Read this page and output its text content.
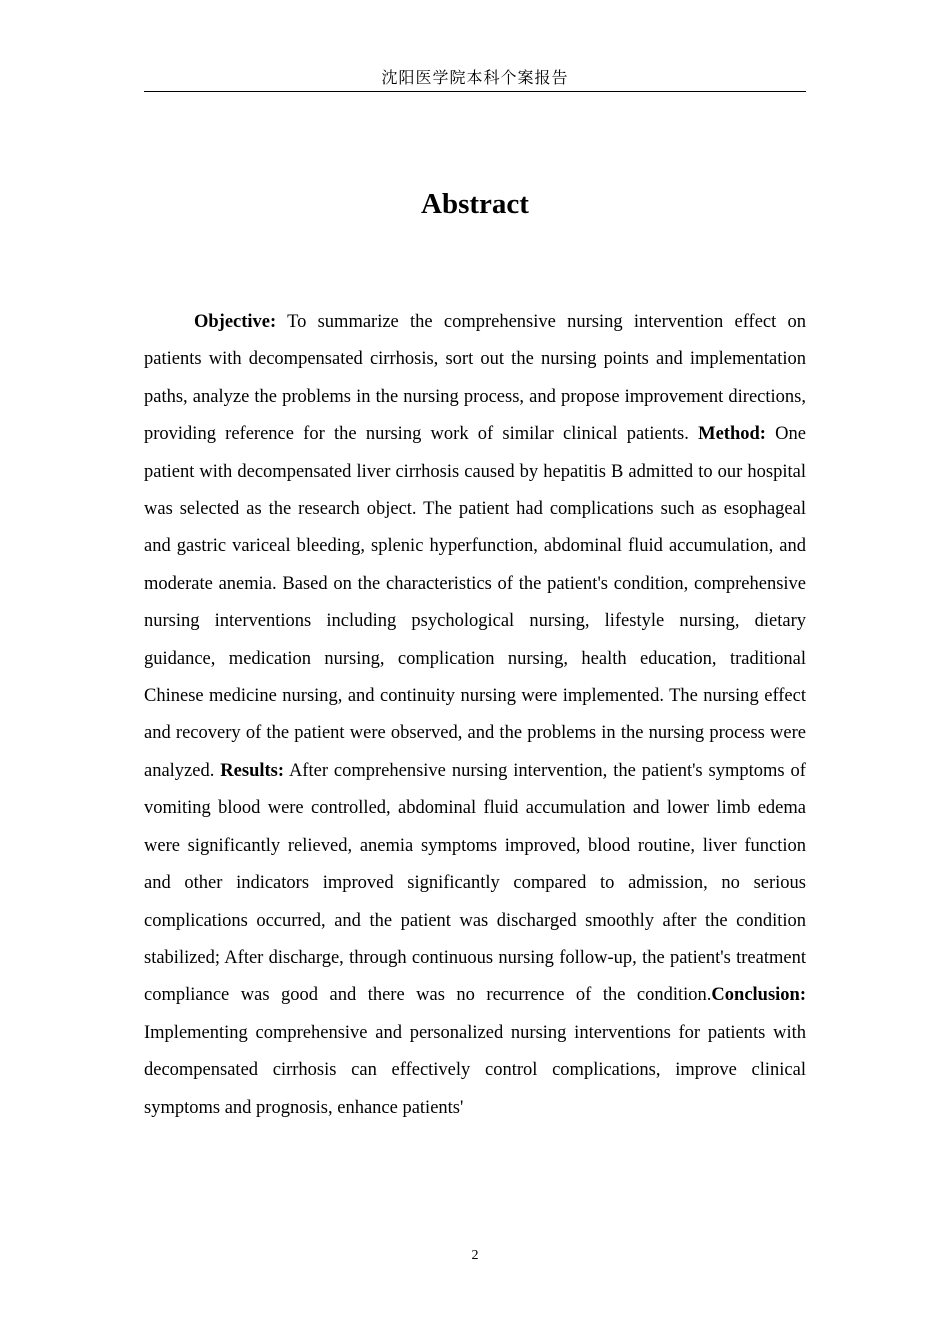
沈阳医学院本科个案报告
Abstract

Objective: To summarize the comprehensive nursing intervention effect on patients with decompensated cirrhosis, sort out the nursing points and implementation paths, analyze the problems in the nursing process, and propose improvement directions, providing reference for the nursing work of similar clinical patients. Method: One patient with decompensated liver cirrhosis caused by hepatitis B admitted to our hospital was selected as the research object. The patient had complications such as esophageal and gastric variceal bleeding, splenic hyperfunction, abdominal fluid accumulation, and moderate anemia. Based on the characteristics of the patient's condition, comprehensive nursing interventions including psychological nursing, lifestyle nursing, dietary guidance, medication nursing, complication nursing, health education, traditional Chinese medicine nursing, and continuity nursing were implemented. The nursing effect and recovery of the patient were observed, and the problems in the nursing process were analyzed. Results: After comprehensive nursing intervention, the patient's symptoms of vomiting blood were controlled, abdominal fluid accumulation and lower limb edema were significantly relieved, anemia symptoms improved, blood routine, liver function and other indicators improved significantly compared to admission, no serious complications occurred, and the patient was discharged smoothly after the condition stabilized; After discharge, through continuous nursing follow-up, the patient's treatment compliance was good and there was no recurrence of the condition.Conclusion: Implementing comprehensive and personalized nursing interventions for patients with decompensated cirrhosis can effectively control complications, improve clinical symptoms and prognosis, enhance patients'

2
